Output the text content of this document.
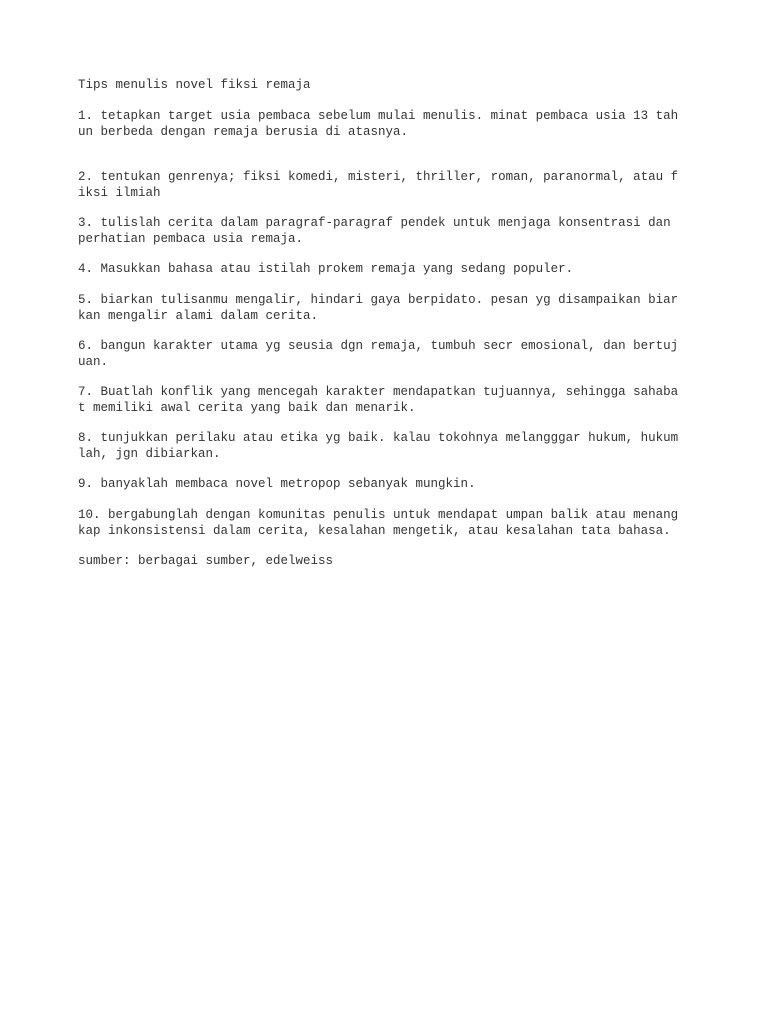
Tips menulis novel fiksi remaja

1. tetapkan target usia pembaca sebelum mulai menulis. minat pembaca usia 13 tah
un berbeda dengan remaja berusia di atasnya.

2. tentukan genrenya; fiksi komedi, misteri, thriller, roman, paranormal, atau f
iksi ilmiah

3. tulislah cerita dalam paragraf-paragraf pendek untuk menjaga konsentrasi dan
perhatian pembaca usia remaja.

4. Masukkan bahasa atau istilah prokem remaja yang sedang populer.

5. biarkan tulisanmu mengalir, hindari gaya berpidato. pesan yg disampaikan biar
kan mengalir alami dalam cerita.

6. bangun karakter utama yg seusia dgn remaja, tumbuh secr emosional, dan bertuj
uan.

7. Buatlah konflik yang mencegah karakter mendapatkan tujuannya, sehingga sahaba
t memiliki awal cerita yang baik dan menarik.

8. tunjukkan perilaku atau etika yg baik. kalau tokohnya melangggar hukum, hukum
lah, jgn dibiarkan.

9. banyaklah membaca novel metropop sebanyak mungkin.

10. bergabunglah dengan komunitas penulis untuk mendapat umpan balik atau menang
kap inkonsistensi dalam cerita, kesalahan mengetik, atau kesalahan tata bahasa.

sumber: berbagai sumber, edelweiss
